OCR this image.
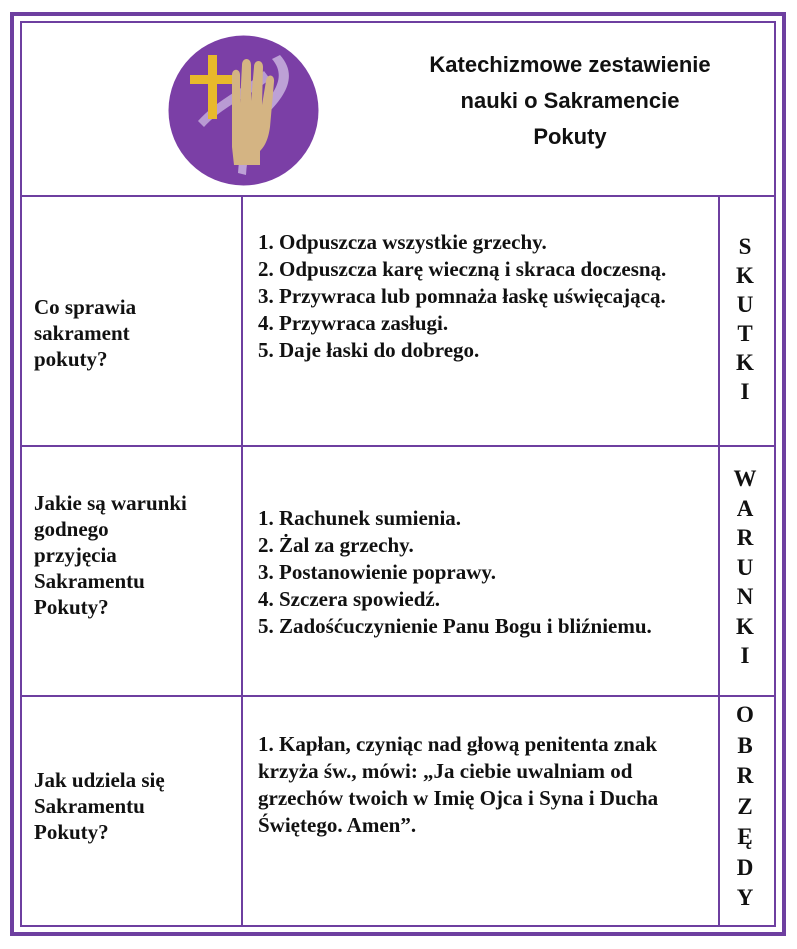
Katechizmowe zestawienie
nauki o Sakramencie
Pokuty
Co sprawia sakrament pokuty?
1. Odpuszcza wszystkie grzechy.
2. Odpuszcza karę wieczną i skraca doczesną.
3. Przywraca lub pomnaża łaskę uświęcającą.
4. Przywraca zasługi.
5. Daje łaski do dobrego.
S
K
U
T
K
I
Jakie są warunki godnego przyjęcia Sakramentu Pokuty?
1. Rachunek sumienia.
2. Żal za grzechy.
3. Postanowienie poprawy.
4. Szczera spowiedź.
5. Zadośćuczynienie Panu Bogu i bliźniemu.
W
A
R
U
N
K
I
Jak udziela się Sakramentu Pokuty?
1. Kapłan, czyniąc nad głową penitenta znak krzyża św., mówi: „Ja ciebie uwalniam od grzechów twoich w Imię Ojca i Syna i Ducha Świętego. Amen”.
O
B
R
Z
Ę
D
Y
